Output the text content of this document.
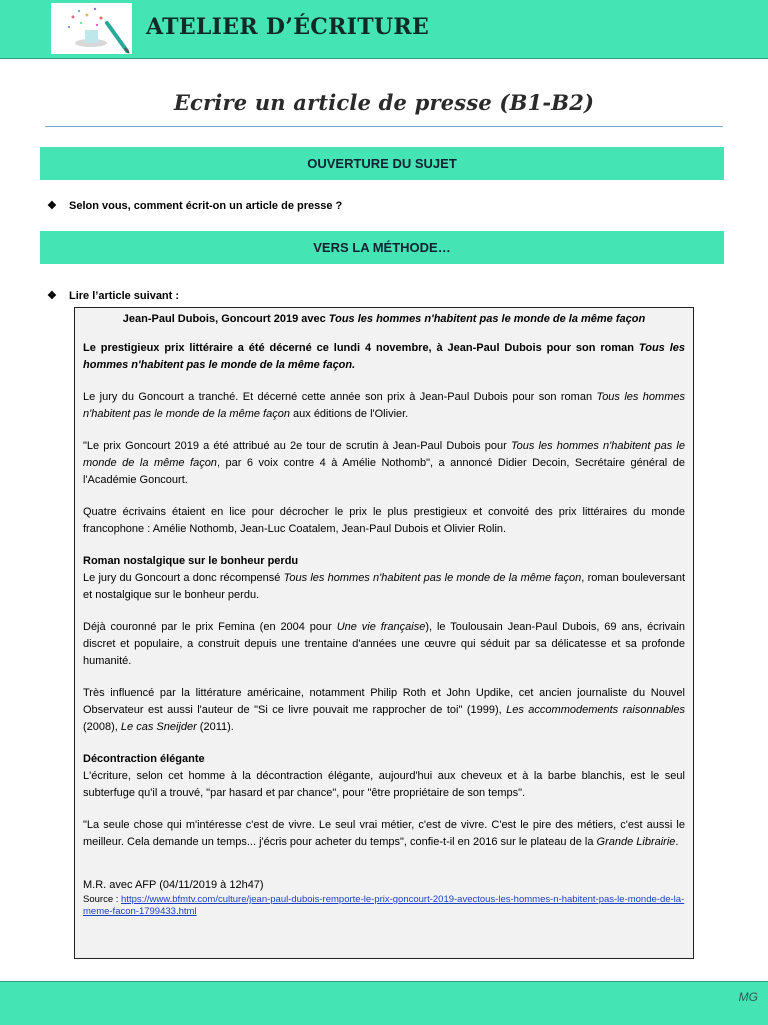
ATELIER D’ÉCRITURE
Ecrire un article de presse (B1-B2)
OUVERTURE DU SUJET
❖ Selon vous, comment écrit-on un article de presse ?
VERS LA MÉTHODE…
❖ Lire l’article suivant :

Jean-Paul Dubois, Goncourt 2019 avec Tous les hommes n'habitent pas le monde de la même façon

Le prestigieux prix littéraire a été décerné ce lundi 4 novembre, à Jean-Paul Dubois pour son roman Tous les hommes n'habitent pas le monde de la même façon.

Le jury du Goncourt a tranché. Et décerné cette année son prix à Jean-Paul Dubois pour son roman Tous les hommes n'habitent pas le monde de la même façon aux éditions de l'Olivier.

"Le prix Goncourt 2019 a été attribué au 2e tour de scrutin à Jean-Paul Dubois pour Tous les hommes n'habitent pas le monde de la même façon, par 6 voix contre 4 à Amélie Nothomb", a annoncé Didier Decoin, Secrétaire général de l'Académie Goncourt.

Quatre écrivains étaient en lice pour décrocher le prix le plus prestigieux et convoité des prix littéraires du monde francophone : Amélie Nothomb, Jean-Luc Coatalem, Jean-Paul Dubois et Olivier Rolin.

Roman nostalgique sur le bonheur perdu

Le jury du Goncourt a donc récompensé Tous les hommes n'habitent pas le monde de la même façon, roman bouleversant et nostalgique sur le bonheur perdu.

Déjà couronné par le prix Femina (en 2004 pour Une vie française), le Toulousain Jean-Paul Dubois, 69 ans, écrivain discret et populaire, a construit depuis une trentaine d'années une œuvre qui séduit par sa délicatesse et sa profonde humanité.

Très influencé par la littérature américaine, notamment Philip Roth et John Updike, cet ancien journaliste du Nouvel Observateur est aussi l'auteur de "Si ce livre pouvait me rapprocher de toi" (1999), Les accommodements raisonnables (2008), Le cas Sneijder (2011).

Décontraction élégante

L'écriture, selon cet homme à la décontraction élégante, aujourd'hui aux cheveux et à la barbe blanchis, est le seul subterfuge qu'il a trouvé, "par hasard et par chance", pour "être propriétaire de son temps".

"La seule chose qui m'intéresse c'est de vivre. Le seul vrai métier, c'est de vivre. C'est le pire des métiers, c'est aussi le meilleur. Cela demande un temps... j'écris pour acheter du temps", confie-t-il en 2016 sur le plateau de la Grande Librairie.

M.R. avec AFP (04/11/2019 à 12h47)

Source : https://www.bfmtv.com/culture/jean-paul-dubois-remporte-le-prix-goncourt-2019-avectous-les-hommes-n-habitent-pas-le-monde-de-la-meme-facon-1799433.html

MG
